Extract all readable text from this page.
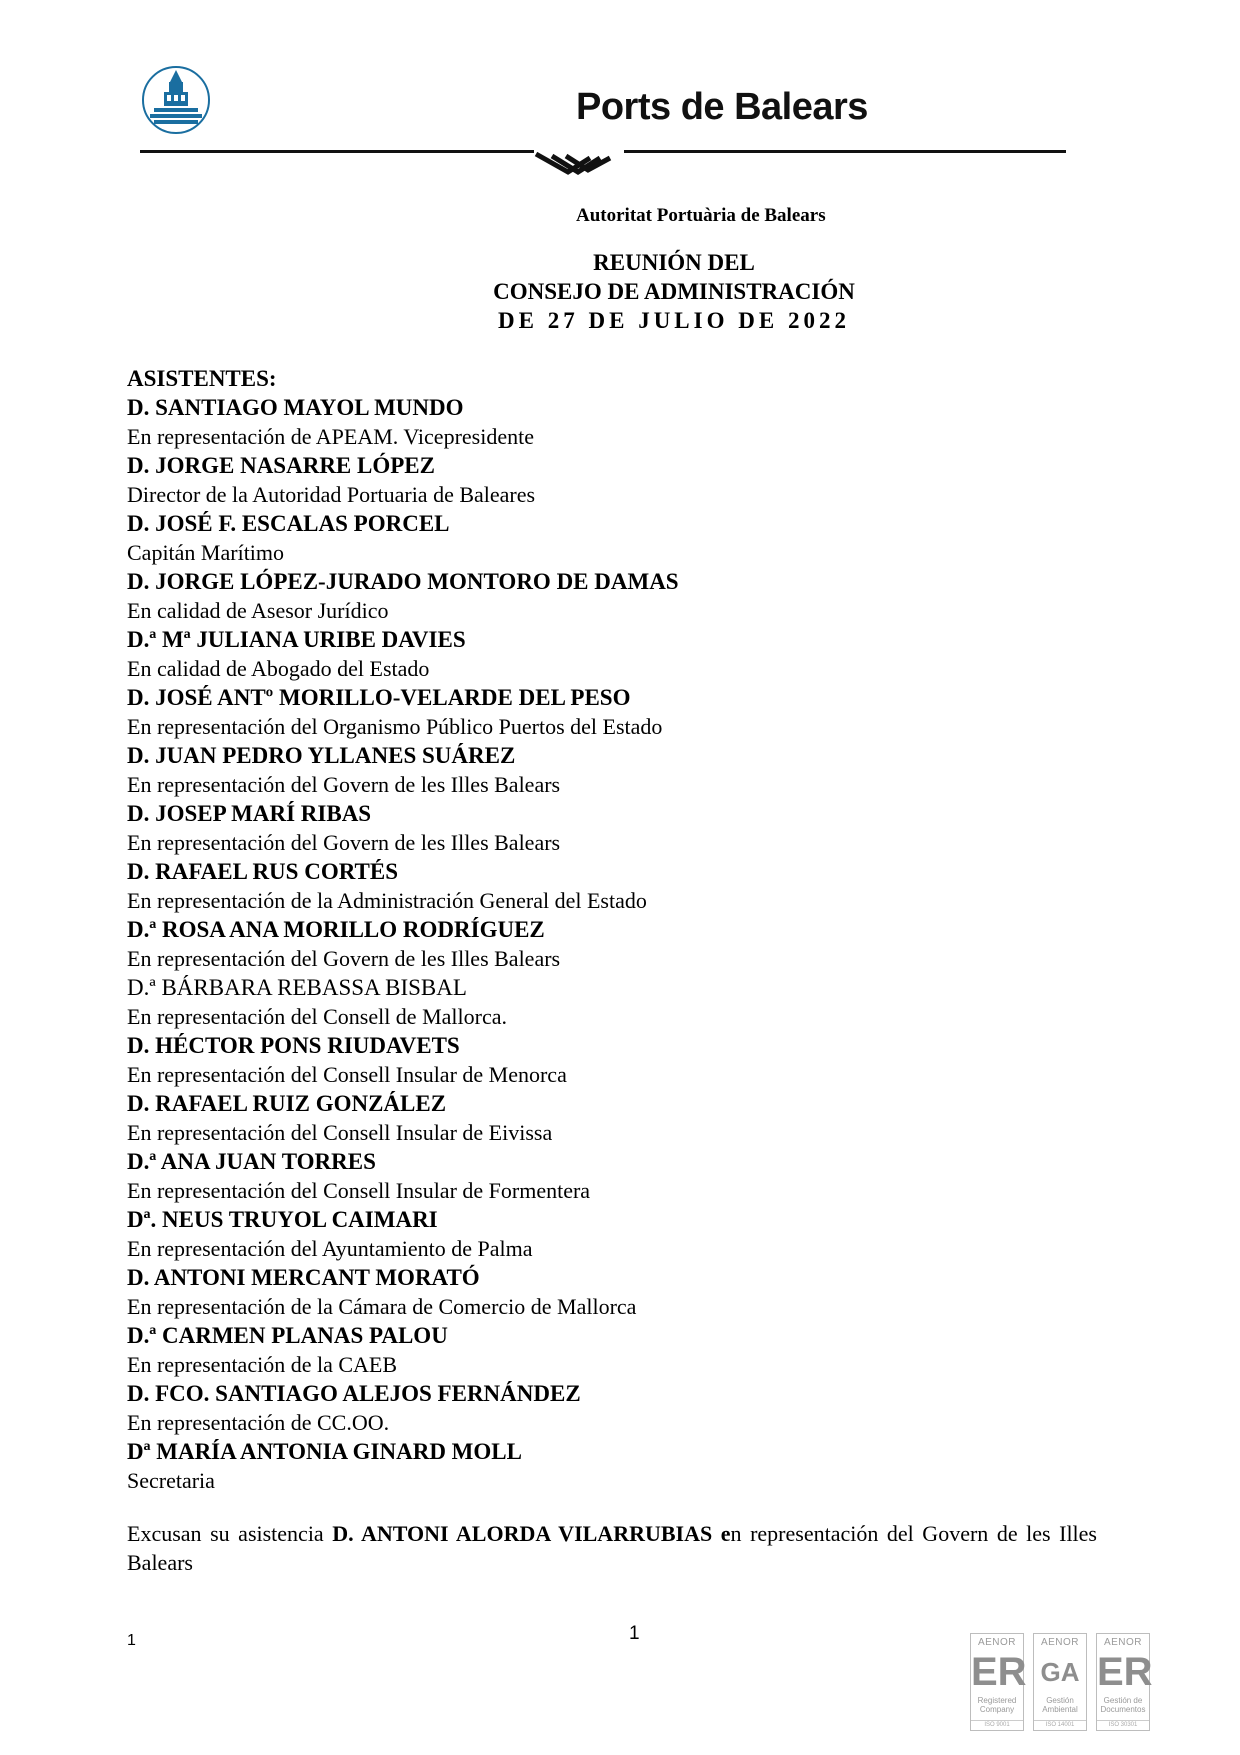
Ports de Balears
Autoritat Portuària de Balears
REUNIÓN DEL
CONSEJO DE ADMINISTRACIÓN
DE 27 DE JULIO DE 2022

ASISTENTES:

D. SANTIAGO MAYOL MUNDO

En representación de APEAM. Vicepresidente

D. JORGE NASARRE LÓPEZ

Director de la Autoridad Portuaria de Baleares

D. JOSÉ F. ESCALAS PORCEL

Capitán Marítimo

D. JORGE LÓPEZ-JURADO MONTORO DE DAMAS

En calidad de Asesor Jurídico

D.ª Mª JULIANA URIBE DAVIES

En calidad de Abogado del Estado

D. JOSÉ ANTº MORILLO-VELARDE DEL PESO

En representación del Organismo Público Puertos del Estado

D. JUAN PEDRO YLLANES SUÁREZ

En representación del Govern de les Illes Balears

D. JOSEP MARÍ RIBAS

En representación del Govern de les Illes Balears

D. RAFAEL RUS CORTÉS

En representación de la Administración General del Estado

D.ª ROSA ANA MORILLO RODRÍGUEZ

En representación del Govern de les Illes Balears

D.ª BÁRBARA REBASSA BISBAL

En representación del Consell de Mallorca.

D. HÉCTOR PONS RIUDAVETS

En representación del Consell Insular de Menorca

D. RAFAEL RUIZ GONZÁLEZ

En representación del Consell Insular de Eivissa

D.ª ANA JUAN TORRES

En representación del Consell Insular de Formentera

Dª. NEUS TRUYOL CAIMARI

En representación del Ayuntamiento de Palma

D. ANTONI MERCANT MORATÓ

En representación de la Cámara de Comercio de Mallorca

D.ª CARMEN PLANAS PALOU

En representación de la CAEB

D. FCO. SANTIAGO ALEJOS FERNÁNDEZ

En representación de CC.OO.

Dª MARÍA ANTONIA GINARD MOLL

Secretaria

Excusan su asistencia D. ANTONI ALORDA VILARRUBIAS en representación del Govern de les Illes Balears
1	1	AENOR
ER
Registered Company
ISO 9001
AENOR
GA
Gestión Ambiental
ISO 14001
AENOR
ER
Gestión de Documentos
ISO 30301
